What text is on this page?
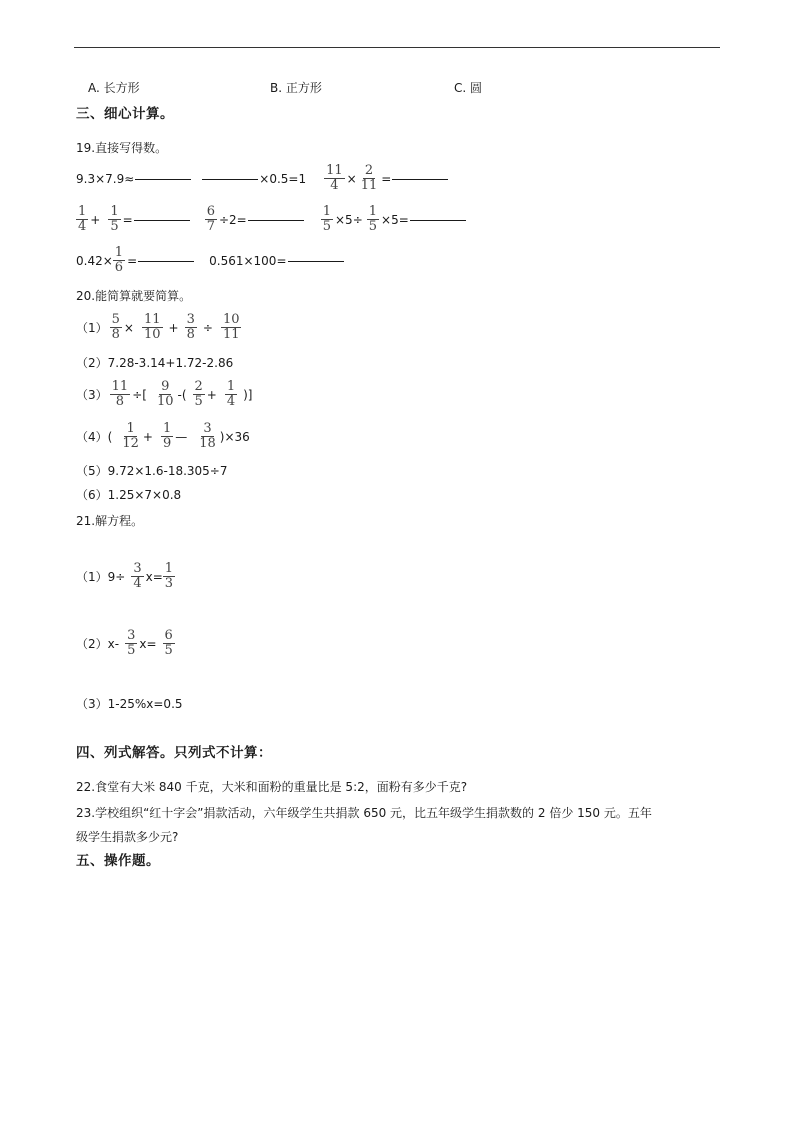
A. 长方形	B. 正方形	C. 圆
三、细心计算。
19.直接写得数。
9.3×7.9≈	$\times 0.5=1 \frac{11}{4} \times \frac{2}{11}$ =
$\frac{1}{4} + \frac{1}{5}$ =	$\frac{6}{7} \div 2=$	$\frac{1}{5} \times 5\div \frac{1}{5} \times 5=$
$0.42\times \frac{1}{6}$ =	0.561×100=
20.能简算就要简算。
$(1) \frac{5}{8} \times \frac{11}{10} + \frac{3}{8} \div \frac{10}{11}$
（2）7.28-3.14+1.72-2.86
$(3) \frac{11}{8}$ ÷[ $\frac{9}{10}$ -( $\frac{2}{5} + \frac{1}{4}$ )]
$(4)( \frac{1}{12} + \frac{1}{9}$ — $\frac{3}{18} )\times 36$
（5）9.72×1.6-18.305÷7
（6）1.25×7×0.8
21.解方程。
$(1)9\div \frac{3}{4} x= \frac{1}{3}$
$(2)x- \frac{3}{5} x= \frac{6}{5}$
（3）1-25%x=0.5
四、列式解答。只列式不计算：
22.食堂有大米 840 千克，大米和面粉的重量比是 5:2，面粉有多少千克?
23.学校组织“红十字会”捐款活动，六年级学生共捐款 650 元，比五年级学生捐款数的 2 倍少 150 元。五年
级学生捐款多少元?
五、操作题。
